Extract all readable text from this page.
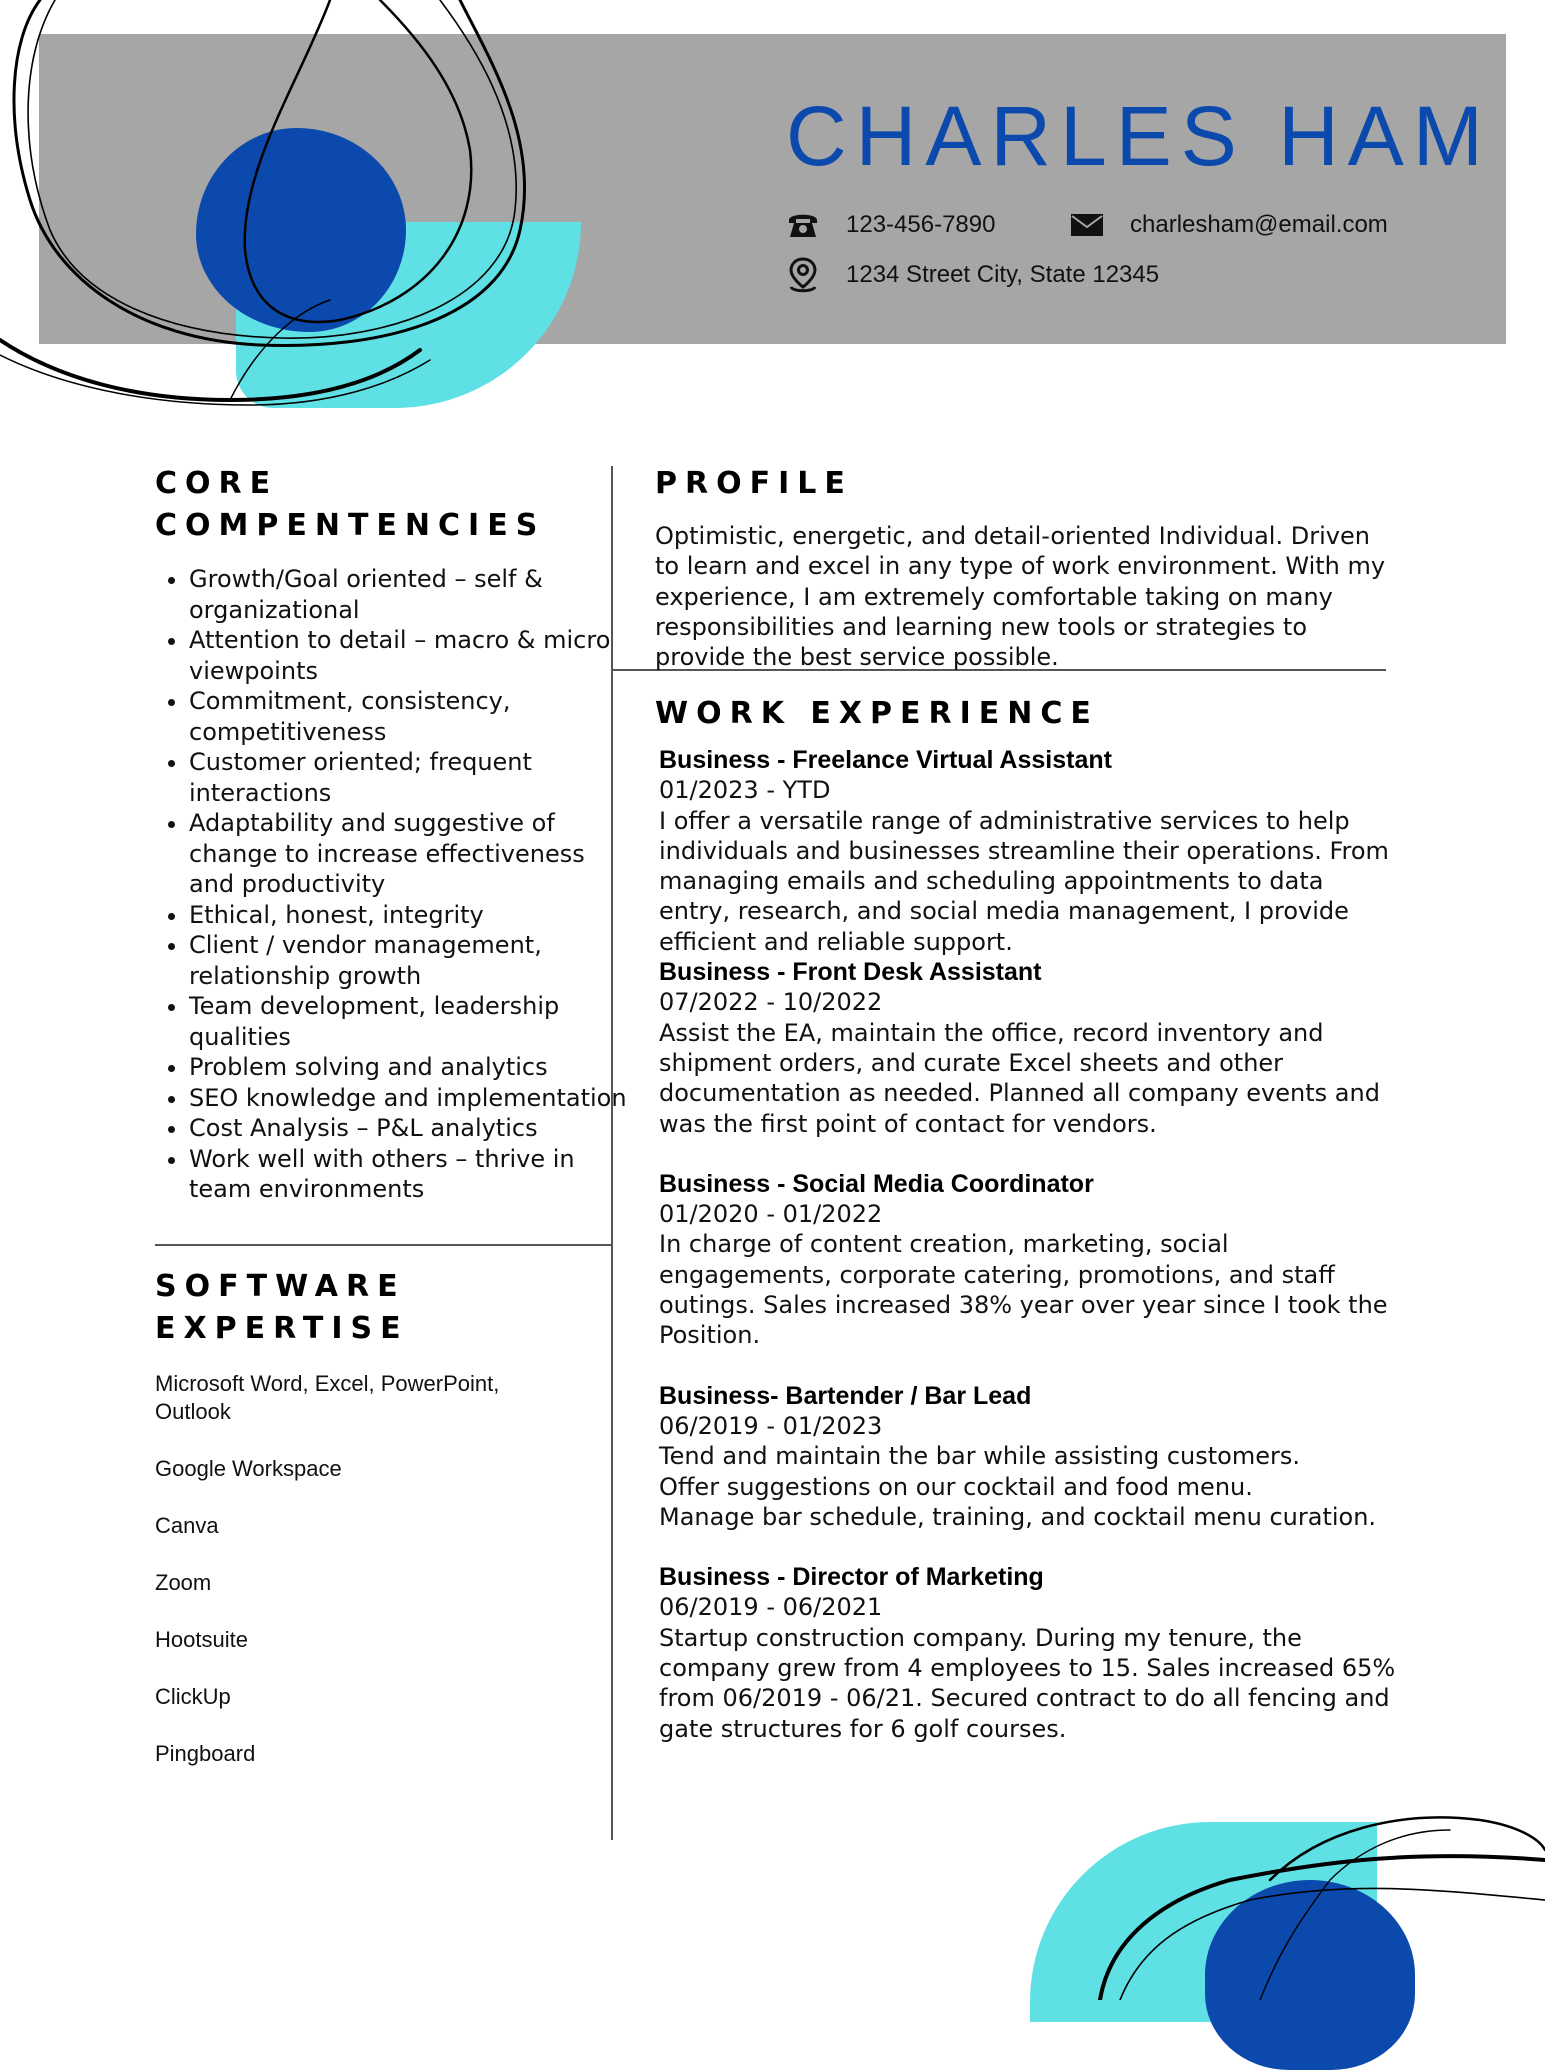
CHARLES HAM
123-456-7890	charlesham@email.com
1234 Street City, State 12345
CORE
COMPENTENCIES
• Growth/Goal oriented – self & organizational
• Attention to detail – macro & micro viewpoints
• Commitment, consistency, competitiveness
• Customer oriented; frequent interactions
• Adaptability and suggestive of change to increase effectiveness and productivity
• Ethical, honest, integrity
• Client / vendor management, relationship growth
• Team development, leadership qualities
• Problem solving and analytics
• SEO knowledge and implementation
• Cost Analysis – P&L analytics
• Work well with others – thrive in team environments
SOFTWARE
EXPERTISE
Microsoft Word, Excel, PowerPoint, Outlook
Google Workspace
Canva
Zoom
Hootsuite
ClickUp
Pingboard
PROFILE

Optimistic, energetic, and detail-oriented Individual. Driven to learn and excel in any type of work environment. With my experience, I am extremely comfortable taking on many responsibilities and learning new tools or strategies to provide the best service possible.

WORK EXPERIENCE
Business - Freelance Virtual Assistant
01/2023 - YTD
I offer a versatile range of administrative services to help individuals and businesses streamline their operations. From managing emails and scheduling appointments to data entry, research, and social media management, I provide efficient and reliable support.
Business - Front Desk Assistant
07/2022 - 10/2022
Assist the EA, maintain the office, record inventory and shipment orders, and curate Excel sheets and other documentation as needed. Planned all company events and was the first point of contact for vendors.
Business - Social Media Coordinator
01/2020 - 01/2022
In charge of content creation, marketing, social engagements, corporate catering, promotions, and staff outings. Sales increased 38% year over year since I took the Position.
Business- Bartender / Bar Lead
06/2019 - 01/2023
Tend and maintain the bar while assisting customers.
Offer suggestions on our cocktail and food menu.
Manage bar schedule, training, and cocktail menu curation.
Business - Director of Marketing
06/2019 - 06/2021
Startup construction company. During my tenure, the company grew from 4 employees to 15. Sales increased 65% from 06/2019 - 06/21. Secured contract to do all fencing and gate structures for 6 golf courses.
